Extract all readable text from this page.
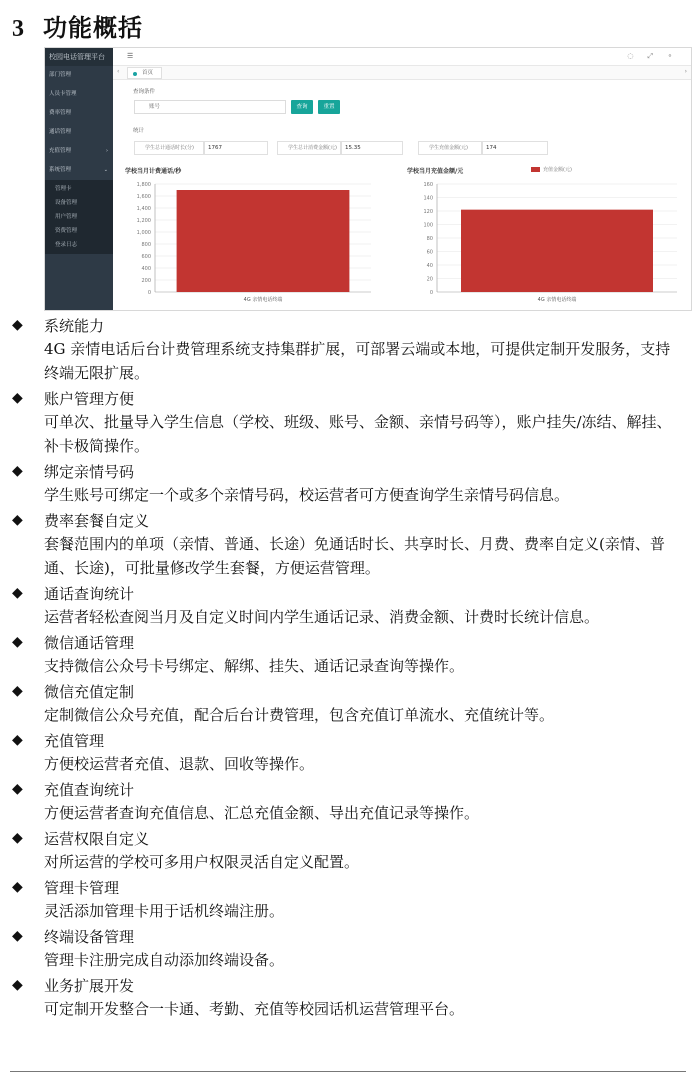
3 功能概括
校园电话管理平台
部门管理
人员卡管理
费率管理
通话管理
充值管理	›
系统管理	⌄
管理卡
设备管理
用户管理
资费管理
登录日志
☰	◌⤢⚬
‹	首页	›
查询条件
账号	查询	重置
统计
学生总计通话时长(分)	1767	学生总计消费金额(元)	15.35	学生充值金额(元)	174
学校当月计费通话/秒	学校当月充值金额/元	充值金额(元)
0
200
400
600
800
1,000
1,200
1,400
1,600
1,800
4G 亲情电话终端
0
20
40
60
80
100
120
140
160
4G 亲情电话终端
◆ 系统能力
4G 亲情电话后台计费管理系统支持集群扩展，可部署云端或本地，可提供定制开发服务，支持终端无限扩展。
◆ 账户管理方便
可单次、批量导入学生信息（学校、班级、账号、金额、亲情号码等），账户挂失/冻结、解挂、补卡极简操作。
◆ 绑定亲情号码
学生账号可绑定一个或多个亲情号码，校运营者可方便查询学生亲情号码信息。
◆ 费率套餐自定义
套餐范围内的单项（亲情、普通、长途）免通话时长、共享时长、月费、费率自定义(亲情、普通、长途)，可批量修改学生套餐，方便运营管理。
◆ 通话查询统计
运营者轻松查阅当月及自定义时间内学生通话记录、消费金额、计费时长统计信息。
◆ 微信通话管理
支持微信公众号卡号绑定、解绑、挂失、通话记录查询等操作。
◆ 微信充值定制
定制微信公众号充值，配合后台计费管理，包含充值订单流水、充值统计等。
◆ 充值管理
方便校运营者充值、退款、回收等操作。
◆ 充值查询统计
方便运营者查询充值信息、汇总充值金额、导出充值记录等操作。
◆ 运营权限自定义
对所运营的学校可多用户权限灵活自定义配置。
◆ 管理卡管理
灵活添加管理卡用于话机终端注册。
◆ 终端设备管理
管理卡注册完成自动添加终端设备。
◆ 业务扩展开发
可定制开发整合一卡通、考勤、充值等校园话机运营管理平台。
